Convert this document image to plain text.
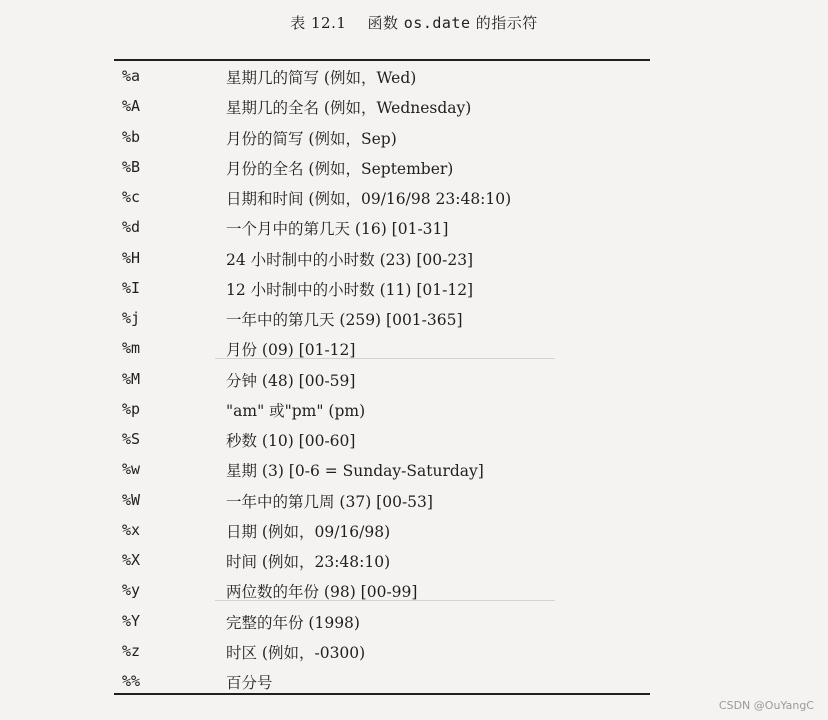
表 12.1 函数 os.date 的指示符
%a	星期几的简写 (例如，Wed)
%A	星期几的全名 (例如，Wednesday)
%b	月份的简写 (例如，Sep)
%B	月份的全名 (例如，September)
%c	日期和时间 (例如，09/16/98 23:48:10)
%d	一个月中的第几天 (16) [01-31]
%H	24 小时制中的小时数 (23) [00-23]
%I	12 小时制中的小时数 (11) [01-12]
%j	一年中的第几天 (259) [001-365]
%m	月份 (09) [01-12]
%M	分钟 (48) [00-59]
%p	"am" 或"pm" (pm)
%S	秒数 (10) [00-60]
%w	星期 (3) [0-6 = Sunday-Saturday]
%W	一年中的第几周 (37) [00-53]
%x	日期 (例如，09/16/98)
%X	时间 (例如，23:48:10)
%y	两位数的年份 (98) [00-99]
%Y	完整的年份 (1998)
%z	时区 (例如，-0300)
%%	百分号
CSDN @OuYangC
